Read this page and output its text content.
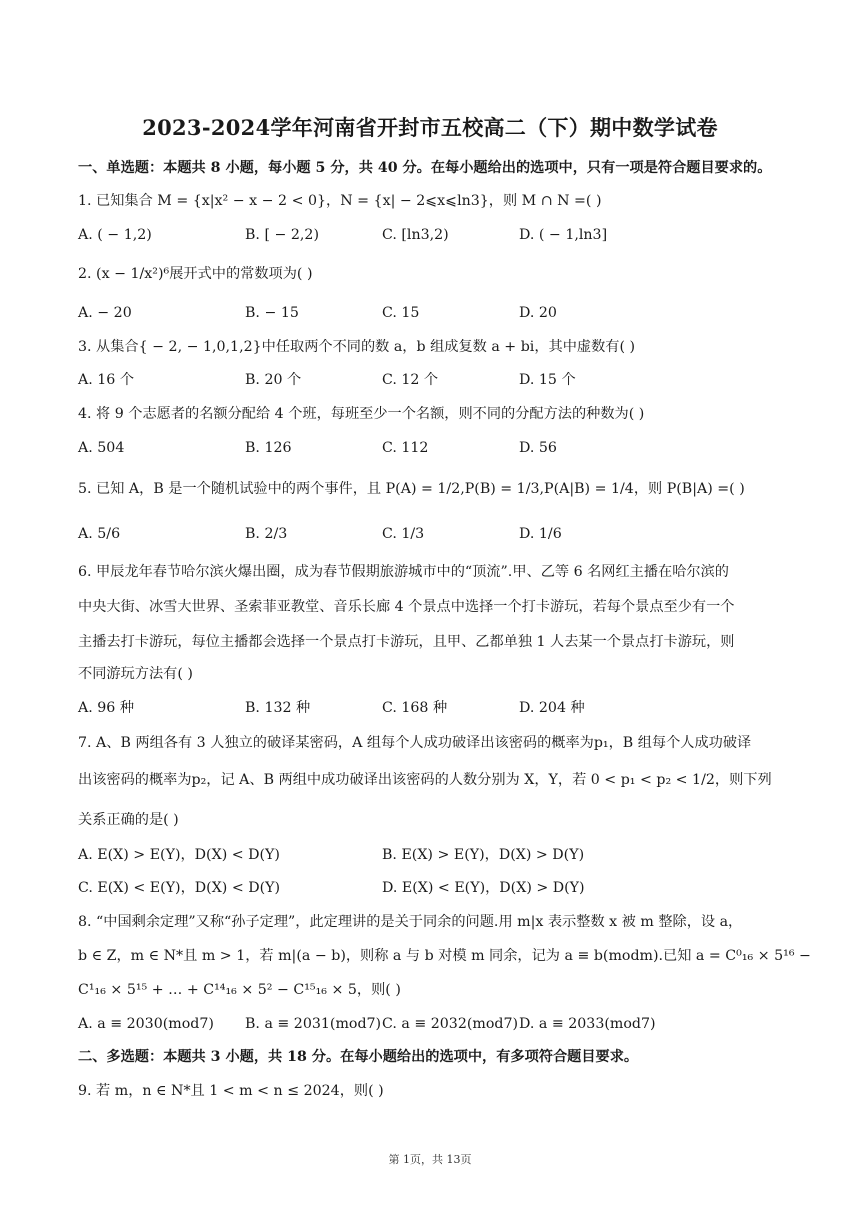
2023-2024学年河南省开封市五校高二（下）期中数学试卷
一、单选题：本题共 8 小题，每小题 5 分，共 40 分。在每小题给出的选项中，只有一项是符合题目要求的。
1. 已知集合 M = {x|x² − x − 2 < 0}，N = {x| − 2⩽x⩽ln3}，则 M ∩ N =( )
A. ( − 1,2)	B. [ − 2,2)	C. [ln3,2)	D. ( − 1,ln3]
2. (x − 1/x²)⁶展开式中的常数项为( )
A. − 20	B. − 15	C. 15	D. 20
3. 从集合{ − 2, − 1,0,1,2}中任取两个不同的数 a，b 组成复数 a + bi，其中虚数有( )
A. 16 个	B. 20 个	C. 12 个	D. 15 个
4. 将 9 个志愿者的名额分配给 4 个班，每班至少一个名额，则不同的分配方法的种数为( )
A. 504	B. 126	C. 112	D. 56
5. 已知 A，B 是一个随机试验中的两个事件，且 P(A) = 1/2,P(B) = 1/3,P(A|B) = 1/4，则 P(B|A) =( )
A. 5/6	B. 2/3	C. 1/3	D. 1/6
6. 甲辰龙年春节哈尔滨火爆出圈，成为春节假期旅游城市中的“顶流”.甲、乙等 6 名网红主播在哈尔滨的
中央大街、冰雪大世界、圣索菲亚教堂、音乐长廊 4 个景点中选择一个打卡游玩，若每个景点至少有一个
主播去打卡游玩，每位主播都会选择一个景点打卡游玩，且甲、乙都单独 1 人去某一个景点打卡游玩，则
不同游玩方法有( )
A. 96 种	B. 132 种	C. 168 种	D. 204 种
7. A、B 两组各有 3 人独立的破译某密码，A 组每个人成功破译出该密码的概率为p₁，B 组每个人成功破译
出该密码的概率为p₂，记 A、B 两组中成功破译出该密码的人数分别为 X，Y，若 0 < p₁ < p₂ < 1/2，则下列
关系正确的是( )
A. E(X) > E(Y)，D(X) < D(Y)	B. E(X) > E(Y)，D(X) > D(Y)
C. E(X) < E(Y)，D(X) < D(Y)	D. E(X) < E(Y)，D(X) > D(Y)
8. “中国剩余定理”又称“孙子定理”，此定理讲的是关于同余的问题.用 m|x 表示整数 x 被 m 整除，设 a，
b ∈ Z，m ∈ N*且 m > 1，若 m|(a − b)，则称 a 与 b 对模 m 同余，记为 a ≡ b(modm).已知 a = C⁰₁₆ × 5¹⁶ −
C¹₁₆ × 5¹⁵ + … + C¹⁴₁₆ × 5² − C¹⁵₁₆ × 5，则( )
A. a ≡ 2030(mod7) B. a ≡ 2031(mod7) C. a ≡ 2032(mod7) D. a ≡ 2033(mod7)
二、多选题：本题共 3 小题，共 18 分。在每小题给出的选项中，有多项符合题目要求。
9. 若 m，n ∈ N*且 1 < m < n ≤ 2024，则( )
第 1页，共 13页
